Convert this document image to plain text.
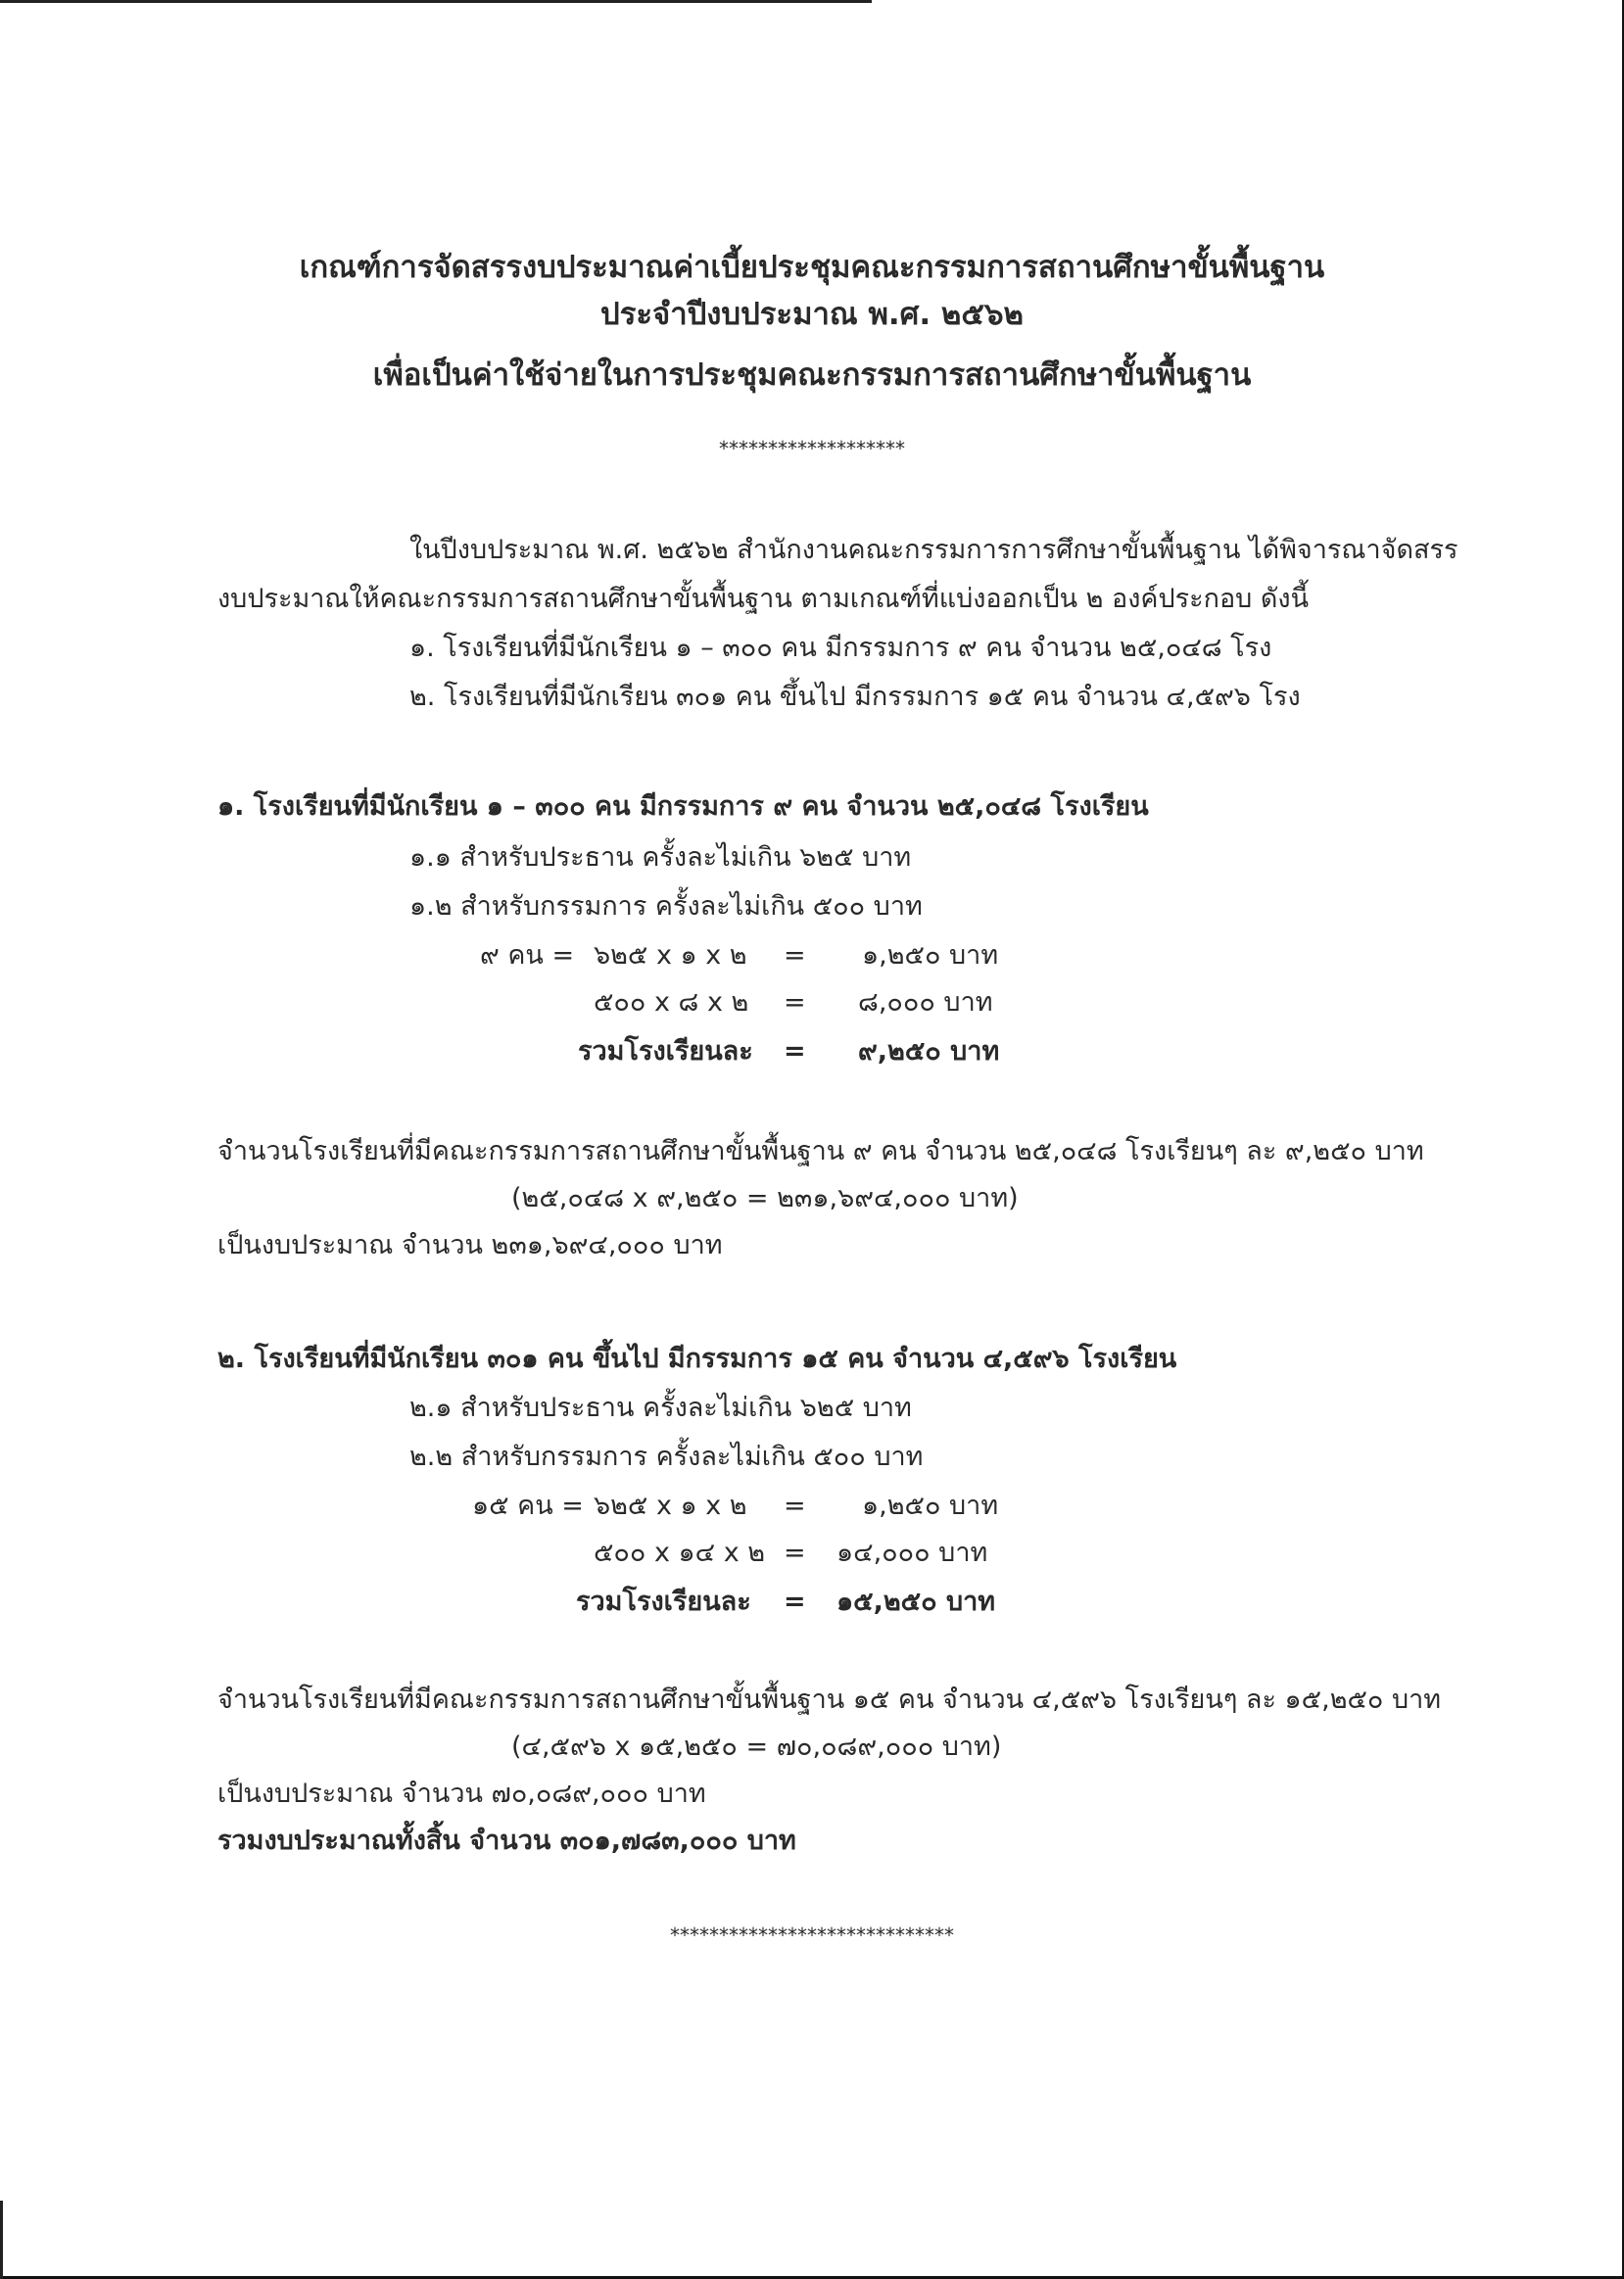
เกณฑ์การจัดสรรงบประมาณค่าเบี้ยประชุมคณะกรรมการสถานศึกษาขั้นพื้นฐาน
ประจำปีงบประมาณ พ.ศ. ๒๕๖๒
เพื่อเป็นค่าใช้จ่ายในการประชุมคณะกรรมการสถานศึกษาขั้นพื้นฐาน
*******************
ในปีงบประมาณ พ.ศ. ๒๕๖๒ สำนักงานคณะกรรมการการศึกษาขั้นพื้นฐาน ได้พิจารณาจัดสรร
งบประมาณให้คณะกรรมการสถานศึกษาขั้นพื้นฐาน ตามเกณฑ์ที่แบ่งออกเป็น ๒ องค์ประกอบ ดังนี้
๑. โรงเรียนที่มีนักเรียน ๑ – ๓๐๐ คน มีกรรมการ ๙ คน จำนวน ๒๕,๐๔๘ โรง
๒. โรงเรียนที่มีนักเรียน ๓๐๑ คน ขึ้นไป มีกรรมการ ๑๕ คน จำนวน ๔,๕๙๖ โรง
๑. โรงเรียนที่มีนักเรียน ๑ – ๓๐๐ คน มีกรรมการ ๙ คน จำนวน ๒๕,๐๔๘ โรงเรียน
๑.๑ สำหรับประธาน ครั้งละไม่เกิน ๖๒๕ บาท
๑.๒ สำหรับกรรมการ ครั้งละไม่เกิน ๕๐๐ บาท
๙ คน = ๖๒๕ x ๑ x ๒ = ๑,๒๕๐ บาท
๕๐๐ x ๘ x ๒ = ๘,๐๐๐ บาท
รวมโรงเรียนละ = ๙,๒๕๐ บาท
จำนวนโรงเรียนที่มีคณะกรรมการสถานศึกษาขั้นพื้นฐาน ๙ คน จำนวน ๒๕,๐๔๘ โรงเรียนๆ ละ ๙,๒๕๐ บาท
(๒๕,๐๔๘ x ๙,๒๕๐ = ๒๓๑,๖๙๔,๐๐๐ บาท)
เป็นงบประมาณ จำนวน ๒๓๑,๖๙๔,๐๐๐ บาท
๒. โรงเรียนที่มีนักเรียน ๓๐๑ คน ขึ้นไป มีกรรมการ ๑๕ คน จำนวน ๔,๕๙๖ โรงเรียน
๒.๑ สำหรับประธาน ครั้งละไม่เกิน ๖๒๕ บาท
๒.๒ สำหรับกรรมการ ครั้งละไม่เกิน ๕๐๐ บาท
๑๕ คน = ๖๒๕ x ๑ x ๒ = ๑,๒๕๐ บาท
๕๐๐ x ๑๔ x ๒ = ๑๔,๐๐๐ บาท
รวมโรงเรียนละ = ๑๕,๒๕๐ บาท
จำนวนโรงเรียนที่มีคณะกรรมการสถานศึกษาขั้นพื้นฐาน ๑๕ คน จำนวน ๔,๕๙๖ โรงเรียนๆ ละ ๑๕,๒๕๐ บาท
(๔,๕๙๖ x ๑๕,๒๕๐ = ๗๐,๐๘๙,๐๐๐ บาท)
เป็นงบประมาณ จำนวน ๗๐,๐๘๙,๐๐๐ บาท
รวมงบประมาณทั้งสิ้น จำนวน ๓๐๑,๗๘๓,๐๐๐ บาท
*****************************
